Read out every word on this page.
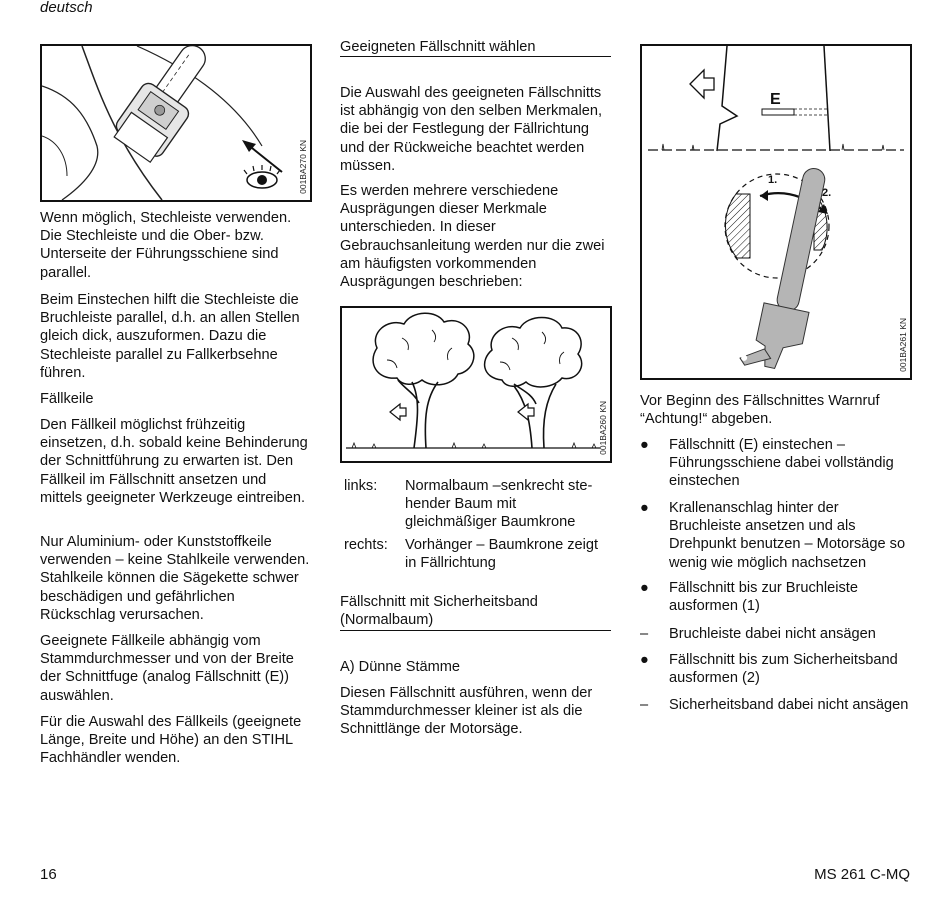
deutsch
001BA270 KN

Wenn möglich, Stechleiste verwenden. Die Stechleiste und die Ober- bzw. Unterseite der Führungsschiene sind parallel.

Beim Einstechen hilft die Stechleiste die Bruchleiste parallel, d.h. an allen Stellen gleich dick, auszuformen. Dazu die Stechleiste parallel zu Fallkerbsehne führen.

Fällkeile

Den Fällkeil möglichst frühzeitig einsetzen, d.h. sobald keine Behinderung der Schnittführung zu erwarten ist. Den Fällkeil im Fällschnitt ansetzen und mittels geeigneter Werkzeuge eintreiben.

Nur Aluminium- oder Kunststoffkeile verwenden – keine Stahlkeile verwenden. Stahlkeile können die Sägekette schwer beschädigen und gefährlichen Rückschlag verursachen.

Geeignete Fällkeile abhängig vom Stammdurchmesser und von der Breite der Schnittfuge (analog Fällschnitt (E)) auswählen.

Für die Auswahl des Fällkeils (geeignete Länge, Breite und Höhe) an den STIHL Fachhändler wenden.

Geeigneten Fällschnitt wählen

Die Auswahl des geeigneten Fällschnitts ist abhängig von den selben Merkmalen, die bei der Festlegung der Fällrichtung und der Rückweiche beachtet werden müssen.

Es werden mehrere verschiedene Ausprägungen dieser Merkmale unterschieden. In dieser Gebrauchsanleitung werden nur die zwei am häufigsten vorkommenden Ausprägungen beschrieben:

001BA260 KN
links: Normalbaum –senkrecht ste-hender Baum mit gleichmäßiger Baumkrone
rechts: Vorhänger – Baumkrone zeigt in Fällrichtung
Fällschnitt mit Sicherheitsband
(Normalbaum)
A) Dünne Stämme

Diesen Fällschnitt ausführen, wenn der Stammdurchmesser kleiner ist als die Schnittlänge der Motorsäge.

E
1.
2.
001BA261 KN

Vor Beginn des Fällschnittes Warnruf “Achtung!“ abgeben.

●	Fällschnitt (E) einstechen – Führungsschiene dabei vollständig einstechen
●	Krallenanschlag hinter der Bruchleiste ansetzen und als Drehpunkt benutzen – Motorsäge so wenig wie möglich nachsetzen
●	Fällschnitt bis zur Bruchleiste ausformen (1)
–	Bruchleiste dabei nicht ansägen
●	Fällschnitt bis zum Sicherheitsband ausformen (2)
–	Sicherheitsband dabei nicht ansägen
16	MS 261 C-MQ
